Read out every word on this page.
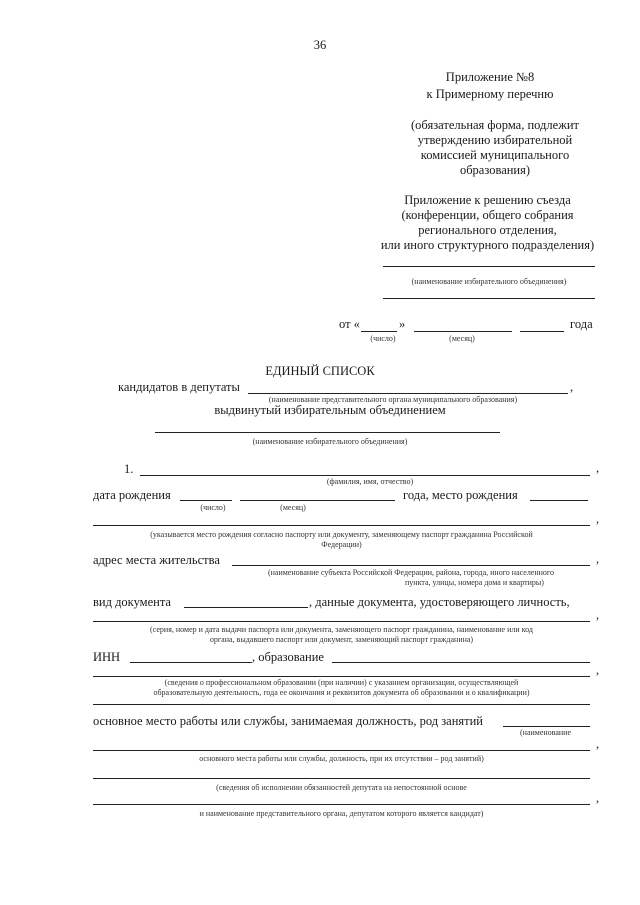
36
Приложение №8
к Примерному перечню
(обязательная форма, подлежит
утверждению избирательной
комиссией муниципального
образования)
Приложение к решению съезда
(конференции, общего собрания
регионального отделения,
или иного структурного подразделения)
(наименование избирательного объединения)
от «	»	года
(число)	(месяц)
ЕДИНЫЙ СПИСОК
кандидатов в депутаты	,
(наименование представительного органа муниципального образования)
выдвинутый избирательным объединением
(наименование избирательного объединения)
1.	,
(фамилия, имя, отчество)
дата рождения	года, место рождения
(число)	(месяц)
,
(указывается место рождения согласно паспорту или документу, заменяющему паспорт гражданина Российской
Федерации)
адрес места жительства	,
(наименование субъекта Российской Федерации, района, города, иного населенного
пункта, улицы, номера дома и квартиры)
вид документа	, данные документа, удостоверяющего личность,
,
(серия, номер и дата выдачи паспорта или документа, заменяющего паспорт гражданина, наименование или код
органа, выдавшего паспорт или документ, заменяющий паспорт гражданина)
ИНН	, образование
,
(сведения о профессиональном образовании (при наличии) с указанием организации, осуществляющей
образовательную деятельность, года ее окончания и реквизитов документа об образовании и о квалификации)
основное место работы или службы, занимаемая должность, род занятий
(наименование
,
основного места работы или службы, должность, при их отсутствии – род занятий)
(сведения об исполнении обязанностей депутата на непостоянной основе
,
и наименование представительного органа, депутатом которого является кандидат)
